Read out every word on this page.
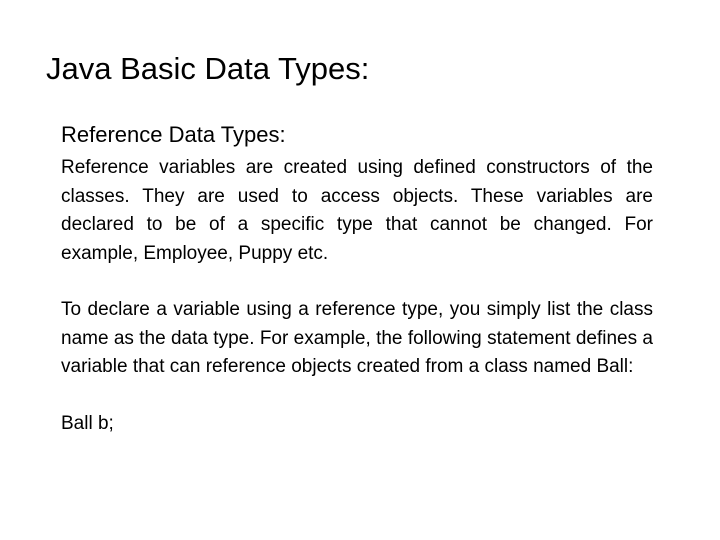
Java Basic Data Types:
Reference Data Types:

Reference variables are created using defined constructors of the classes. They are used to access objects. These variables are declared to be of a specific type that cannot be changed. For example, Employee, Puppy etc.

To declare a variable using a reference type, you simply list the class name as the data type. For example, the following statement defines a variable that can reference objects created from a class named Ball:

Ball b;
